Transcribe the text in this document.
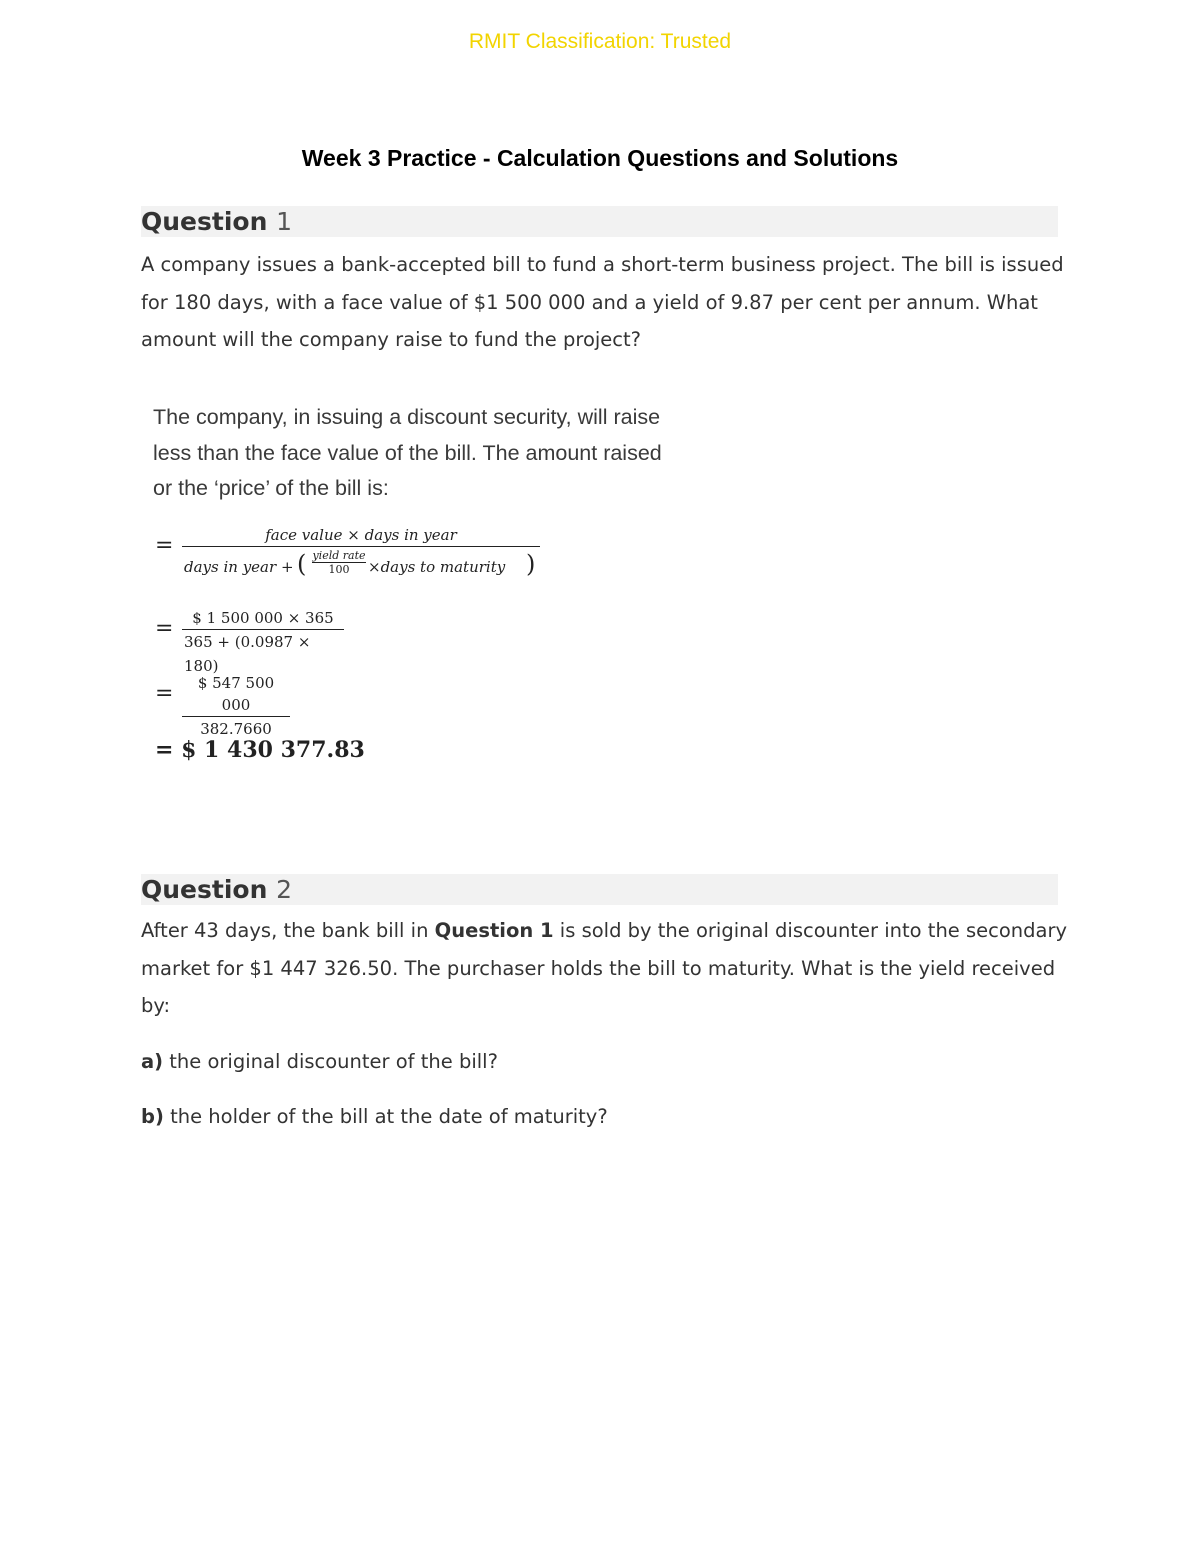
RMIT Classification: Trusted
Week 3 Practice - Calculation Questions and Solutions
Question 1
A company issues a bank-accepted bill to fund a short-term business project. The bill is issued for 180 days, with a face value of $1 500 000 and a yield of 9.87 per cent per annum. What amount will the company raise to fund the project?
The company, in issuing a discount security, will raise less than the face value of the bill. The amount raised or the ‘price’ of the bill is:
=	face value × days in year
days in year + ( yield rate
100	×days to maturity )
=	$ 1 500 000 × 365
365 + (0.0987 × 180)
=	$ 547 500 000
382.7660
= $ 1 430 377.83
Question 2
After 43 days, the bank bill in Question 1 is sold by the original discounter into the secondary market for $1 447 326.50. The purchaser holds the bill to maturity. What is the yield received by:
a) the original discounter of the bill?
b) the holder of the bill at the date of maturity?
